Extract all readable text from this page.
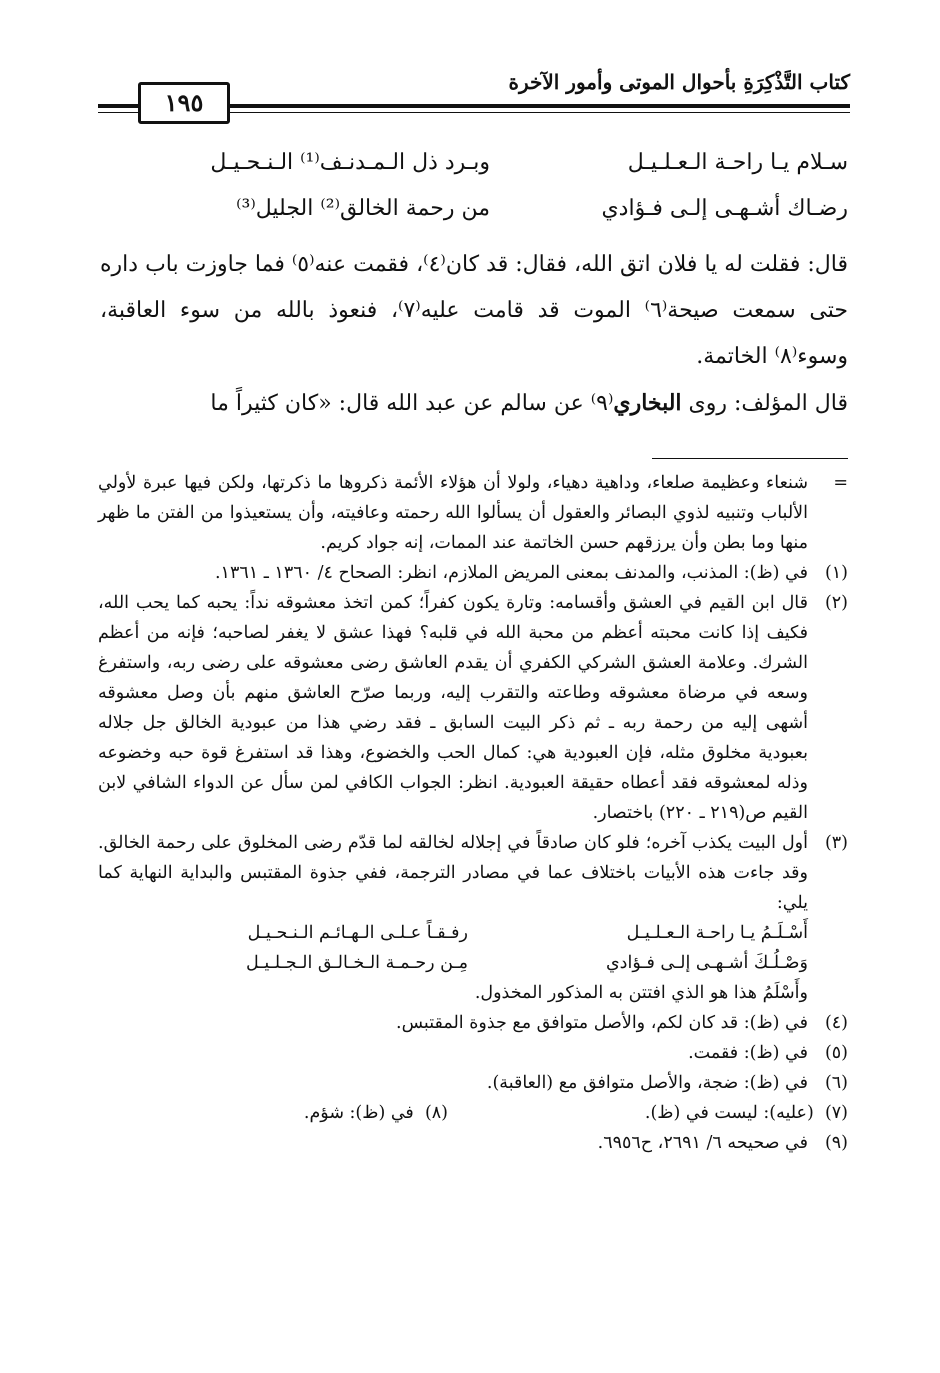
كتاب التَّذْكِرَةِ بأحوال الموتى وأمور الآخرة
١٩٥
سـلام يـا راحـة الـعـلـيـل
وبـرد ذل الـمـدنـف⁽¹⁾ الـنـحـيـل
رضـاك أشـهـى إلـى فـؤادي
من رحمة الخالق⁽²⁾ الجليل⁽³⁾

قال: فقلت له يا فلان اتق الله، فقال: قد كان⁽٤⁾، فقمت عنه⁽٥⁾ فما جاوزت باب داره حتى سمعت صيحة⁽٦⁾ الموت قد قامت عليه⁽٧⁾، فنعوذ بالله من سوء العاقبة، وسوء⁽٨⁾ الخاتمة.

قال المؤلف: روى البخاري⁽٩⁾ عن سالم عن عبد الله قال: «كان كثيراً ما

=
شنعاء وعظيمة صلعاء، وداهية دهياء، ولولا أن هؤلاء الأئمة ذكروها ما ذكرتها، ولكن فيها عبرة لأولي الألباب وتنبيه لذوي البصائر والعقول أن يسألوا الله رحمته وعافيته، وأن يستعيذوا من الفتن ما ظهر منها وما بطن وأن يرزقهم حسن الخاتمة عند الممات، إنه جواد كريم.

(١)
في (ظ): المذنب، والمدنف بمعنى المريض الملازم، انظر: الصحاح ٤/ ١٣٦٠ ـ ١٣٦١.

(٢)
قال ابن القيم في العشق وأقسامه: وتارة يكون كفراً؛ كمن اتخذ معشوقه نداً: يحبه كما يحب الله، فكيف إذا كانت محبته أعظم من محبة الله في قلبه؟ فهذا عشق لا يغفر لصاحبه؛ فإنه من أعظم الشرك. وعلامة العشق الشركي الكفري أن يقدم العاشق رضى معشوقه على رضى ربه، واستفرغ وسعه في مرضاة معشوقه وطاعته والتقرب إليه، وربما صرّح العاشق منهم بأن وصل معشوقه أشهى إليه من رحمة ربه ـ ثم ذكر البيت السابق ـ فقد رضي هذا من عبودية الخالق جل جلاله بعبودية مخلوق مثله، فإن العبودية هي: كمال الحب والخضوع، وهذا قد استفرغ قوة حبه وخضوعه وذله لمعشوقه فقد أعطاه حقيقة العبودية. انظر: الجواب الكافي لمن سأل عن الدواء الشافي لابن القيم ص(٢١٩ ـ ٢٢٠) باختصار.

(٣)
أول البيت يكذب آخره؛ فلو كان صادقاً في إجلاله لخالقه لما قدّم رضى المخلوق على رحمة الخالق. وقد جاءت هذه الأبيات باختلاف عما في مصادر الترجمة، ففي جذوة المقتبس والبداية النهاية كما يلي:

أَسْـلَـمُ يـا راحـة الـعـلـيـل
رفـقـاً عـلـى الـهـائـم الـنـحـيـل
وَصْـلُـكَ أشـهـى إلـى فـؤادي
مِـن رحـمـة الـخـالـق الـجـلـيـل

وأَسْلَمُ هذا هو الذي افتتن به المذكور المخذول.

(٤)
في (ظ): قد كان لكم، والأصل متوافق مع جذوة المقتبس.

(٥)
في (ظ): فقمت.

(٦)
في (ظ): ضجة، والأصل متوافق مع (العاقبة).

(٧)  (عليه): ليست في (ظ).
(٨)  في (ظ): شؤم.

(٩)
في صحيحه ٦/ ٢٦٩١، ح٦٩٥٦.
